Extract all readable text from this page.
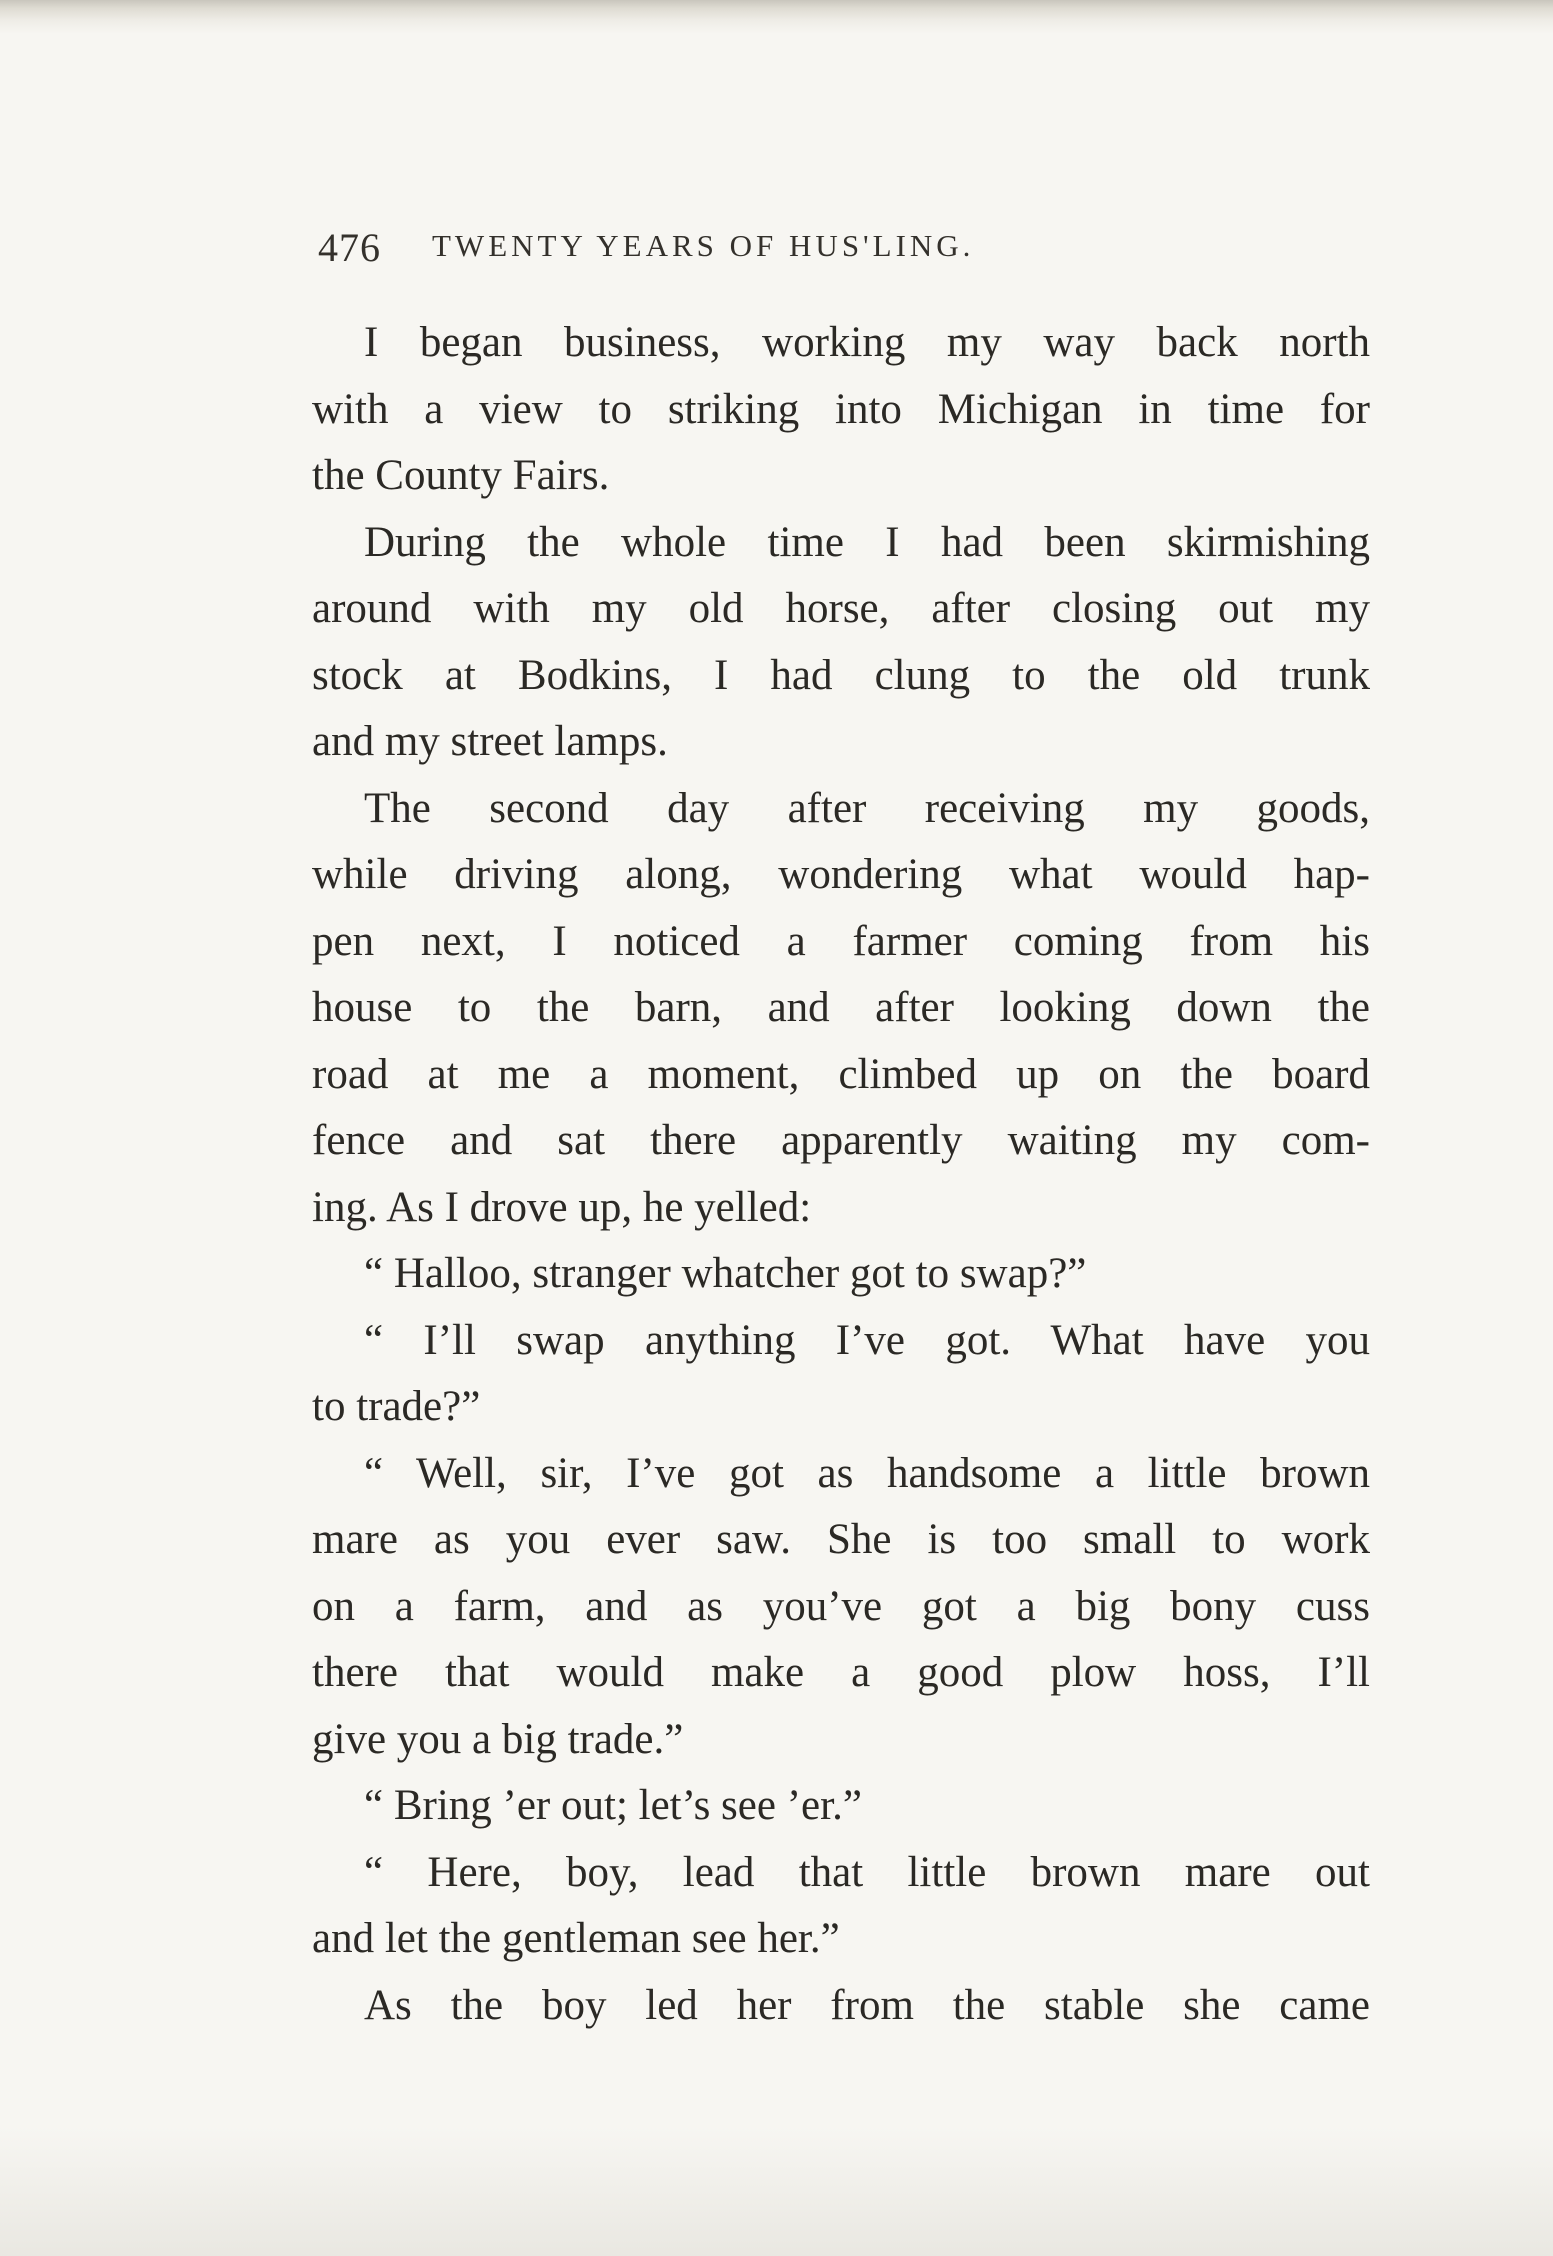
476 TWENTY YEARS OF HUS'LING.
I began business, working my way back north
with a view to striking into Michigan in time for
the County Fairs.
During the whole time I had been skirmishing
around with my old horse, after closing out my
stock at Bodkins, I had clung to the old trunk
and my street lamps.
The second day after receiving my goods,
while driving along, wondering what would hap-
pen next, I noticed a farmer coming from his
house to the barn, and after looking down the
road at me a moment, climbed up on the board
fence and sat there apparently waiting my com-
ing. As I drove up, he yelled:
“ Halloo, stranger whatcher got to swap?”
“ I’ll swap anything I’ve got. What have you
to trade?”
“ Well, sir, I’ve got as handsome a little brown
mare as you ever saw. She is too small to work
on a farm, and as you’ve got a big bony cuss
there that would make a good plow hoss, I’ll
give you a big trade.”
“ Bring ’er out; let’s see ’er.”
“ Here, boy, lead that little brown mare out
and let the gentleman see her.”
As the boy led her from the stable she came
